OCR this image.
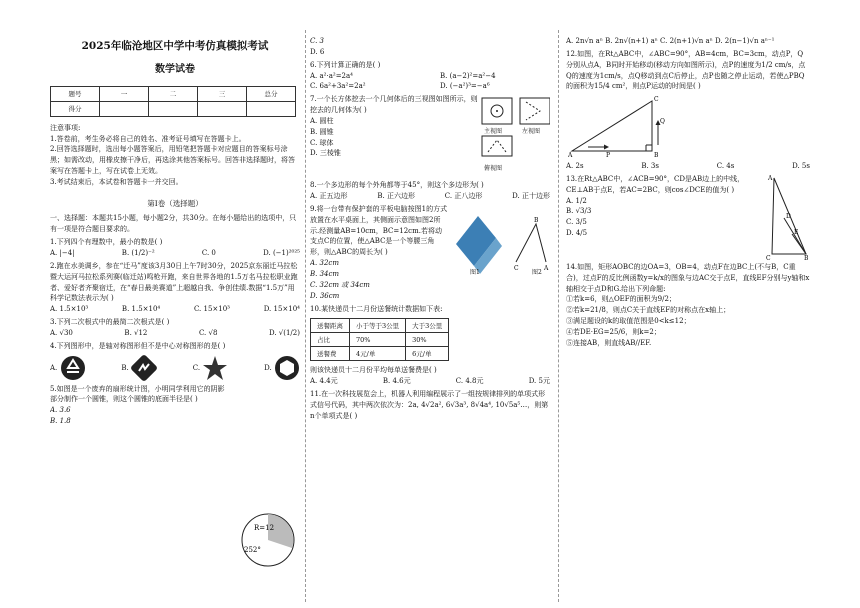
2025年临沧地区中学中考仿真模拟考试

数学试卷

题号	一	二	三	总分
得分				

注意事项:

1.答卷前，考生务必将自己的姓名、准考证号填写在答题卡上。

2.回答选择题时，选出每小题答案后，用铅笔把答题卡对应题目的答案标号涂黑；如需改动，用橡皮擦干净后，再选涂其他答案标号。回答非选择题时，将答案写在答题卡上，写在试卷上无效。

3.考试结束后，本试卷和答题卡一并交回。

第Ⅰ卷（选择题）

一、选择题：本题共15小题，每小题2分，共30分。在每小题给出的选项中，只有一项是符合题目要求的。

1.下列四个有理数中，最小的数是( )

A. |−4|	B. (1/2)⁻²	C. 0	D. (−1)²⁰²⁵

2.跑在水美调乡，参在“迁马”度该3月30日上午7时30分，2025京东丽迁马拉松暨大运河马拉松系列赛(临迁站)鸣枪开跑，来自世界各地的1.5万名马拉松职业跑者、爱好者齐聚宿迁，在“春日最美赛道”上超越自我、争创佳绩.数据“1.5万”用科学记数法表示为( )

A. 1.5×10³	B. 1.5×10⁴	C. 15×10³	D. 15×10⁴

3.下列二次根式中的最简二次根式是( )

A. √30	B. √12	C. √8	D. √(1/2)

4.下列图形中，是轴对称图形但不是中心对称图形的是( )

A.	B.	C.	D.

5.如图是一个废弃的扇形统计图，小明同学利用它的阴影部分制作一个圆锥，则这个圆锥的底面半径是( )

R=12
252°

A. 3.6

B. 1.8

C. 3

D. 6

6.下列计算正确的是( )

A. a²·a²=2a⁴	B. (a−2)²=a²−4
C. 6a²+3a²=2a²	D. (−a²)³=−a⁶

7.一个长方体挖去一个几何体后的三视图如图所示，则挖去的几何体为( )

A. 圆柱

B. 圆锥

C. 球体

D. 三棱锥

主视图	左视图
俯视图

8.一个多边形的每个外角都等于45°，则这个多边形为( )

A. 正五边形	B. 正六边形	C. 正八边形	D. 正十边形

9.将一台带有保护套的平板电脑按图1的方式放置在水平桌面上，其侧面示意图如图2所示.经测量AB=10cm，BC=12cm.若将动支点C的位置，使△ABC是一个等腰三角形，则△ABC的周长为( )

B
C	A
图1	图2

A. 32cm

B. 34cm

C. 32cm 或 34cm

D. 36cm

10.某快递员十二月份送餐统计数据如下表:

送餐距离	小于等于3公里	大于3公里
占比	70%	30%
送餐费	4元/单	6元/单

则该快递员十二月份平均每单送餐费是( )

A. 4.4元	B. 4.6元	C. 4.8元	D. 5元

11.在一次科技展览会上，机器人利用编程展示了一组按规律排列的单项式形式信号代码，其中两次依次为：2a, 4√2a², 6√3a³, 8√4a⁴, 10√5a⁵…，则第n个单项式是( )

A. 2n√n aⁿ B. 2n√(n+1) aⁿ C. 2(n+1)√n aⁿ D. 2(n−1)√n aⁿ⁻¹

12.如图，在Rt△ABC中，∠ABC=90°，AB=4cm，BC=3cm，动点P，Q分别从点A，B同时开始移动(移动方向如图所示)，点P的速度为1/2 cm/s，点Q的速度为1cm/s，点Q移动到点C后停止，点P也随之停止运动，若使△PBQ的面积为15/4 cm²，则点P运动的时间是( )

A	P	B
C
Q
A. 2s	B. 3s	C. 4s	D. 5s

13.在Rt△ABC中，∠ACB=90°，CD是AB边上的中线，CE⊥AB于点E，若AC=2BC，则cos∠DCE的值为( )

A. 1/2

B. √3/3

C. 3/5

D. 4/5

A
C	B
D
E

14.如图，矩形AOBC的边OA=3，OB=4，动点F在边BC上(不与B，C重合)，过点F的反比例函数y=k/x的图象与边AC交于点E，直线EF分别与y轴和x轴相交于点D和G.给出下列命题:

①若k=6，则△OEF的面积为9/2；

②若k=21/8，则点C关于直线EF的对称点在x轴上；

③满足题设的k的取值范围是0<k≤12；

④若DE·EG=25/6，则k=2；

⑤连接AB，则直线AB//EF.
